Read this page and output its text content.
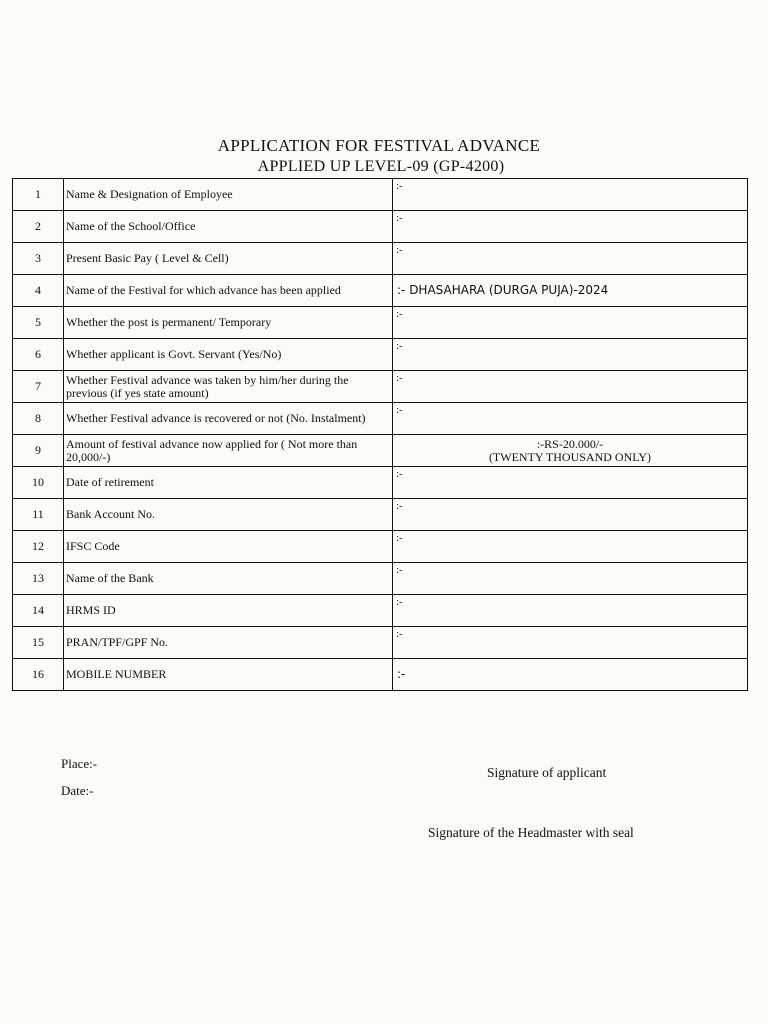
APPLICATION FOR FESTIVAL ADVANCE
APPLIED UP LEVEL-09 (GP-4200)
1	Name & Designation of Employee	:-

2	Name of the School/Office	:-

3	Present Basic Pay ( Level & Cell)	:-

4	Name of the Festival for which advance has been applied	:- DHASAHARA (DURGA PUJA)-2024
5	Whether the post is permanent/ Temporary	:-

6	Whether applicant is Govt. Servant (Yes/No)	:-

7	Whether Festival advance was taken by him/her during the previous (if yes state amount)	:-

8	Whether Festival advance is recovered or not (No. Instalment)	:-

9	Amount of festival advance now applied for ( Not more than 20,000/-)	:-RS-20.000/-
(TWENTY THOUSAND ONLY)

10	Date of retirement	:-

11	Bank Account No.	:-

12	IFSC Code	:-

13	Name of the Bank	:-

14	HRMS ID	:-

15	PRAN/TPF/GPF No.	:-

16	MOBILE NUMBER	:-
Place:-
Date:-
Signature of applicant
Signature of the Headmaster with seal
